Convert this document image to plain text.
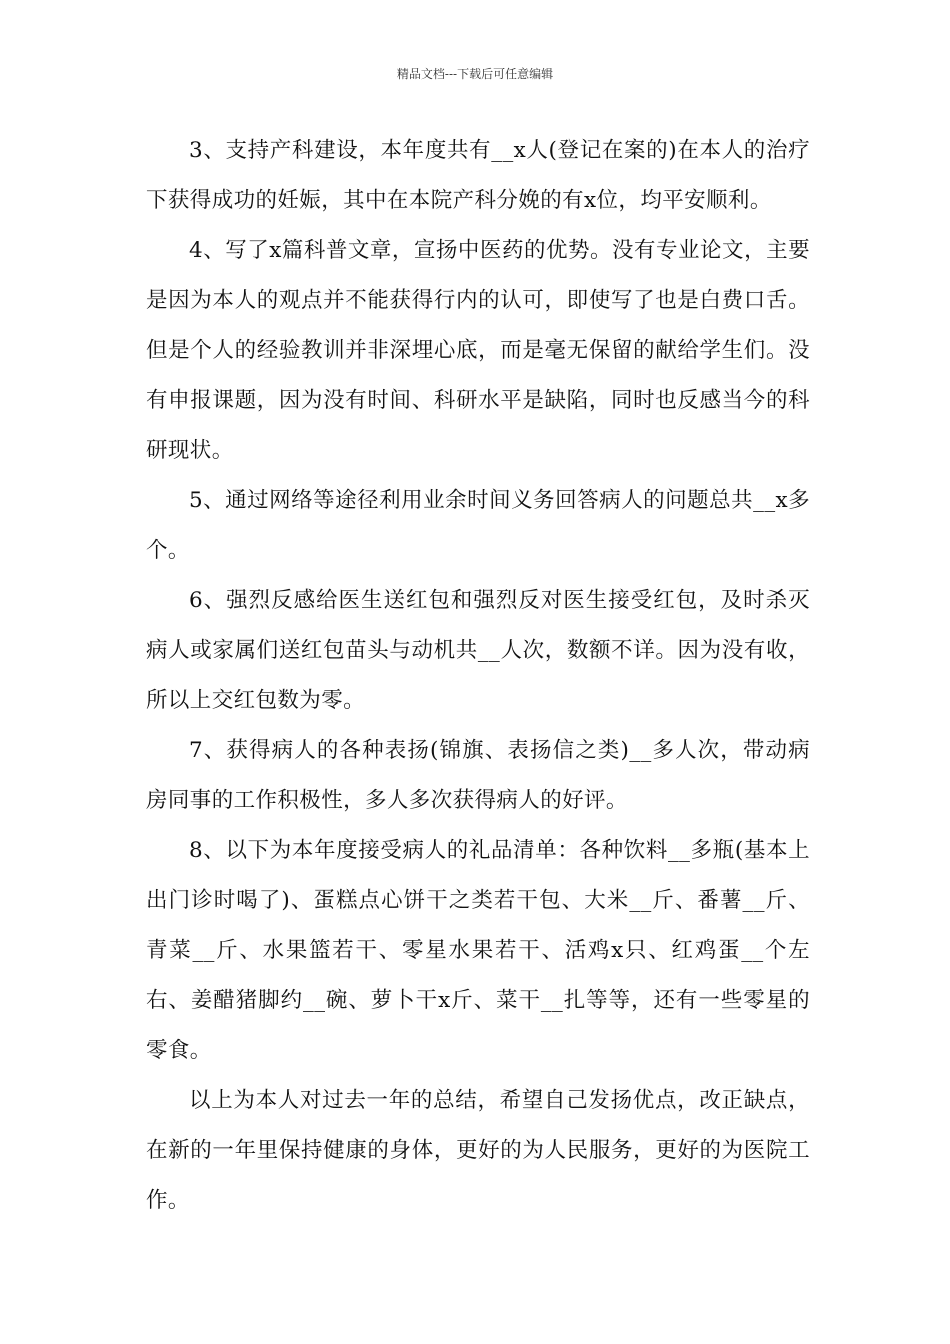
精品文档---下载后可任意编辑

3、支持产科建设，本年度共有__x人(登记在案的)在本人的治疗下获得成功的妊娠，其中在本院产科分娩的有x位，均平安顺利。

4、写了x篇科普文章，宣扬中医药的优势。没有专业论文，主要是因为本人的观点并不能获得行内的认可，即使写了也是白费口舌。但是个人的经验教训并非深埋心底，而是毫无保留的献给学生们。没有申报课题，因为没有时间、科研水平是缺陷，同时也反感当今的科研现状。

5、通过网络等途径利用业余时间义务回答病人的问题总共__x多个。

6、强烈反感给医生送红包和强烈反对医生接受红包，及时杀灭病人或家属们送红包苗头与动机共__人次，数额不详。因为没有收，所以上交红包数为零。

7、获得病人的各种表扬(锦旗、表扬信之类)__多人次，带动病房同事的工作积极性，多人多次获得病人的好评。

8、以下为本年度接受病人的礼品清单：各种饮料__多瓶(基本上出门诊时喝了)、蛋糕点心饼干之类若干包、大米__斤、番薯__斤、青菜__斤、水果篮若干、零星水果若干、活鸡x只、红鸡蛋__个左右、姜醋猪脚约__碗、萝卜干x斤、菜干__扎等等，还有一些零星的零食。

以上为本人对过去一年的总结，希望自己发扬优点，改正缺点，在新的一年里保持健康的身体，更好的为人民服务，更好的为医院工作。
